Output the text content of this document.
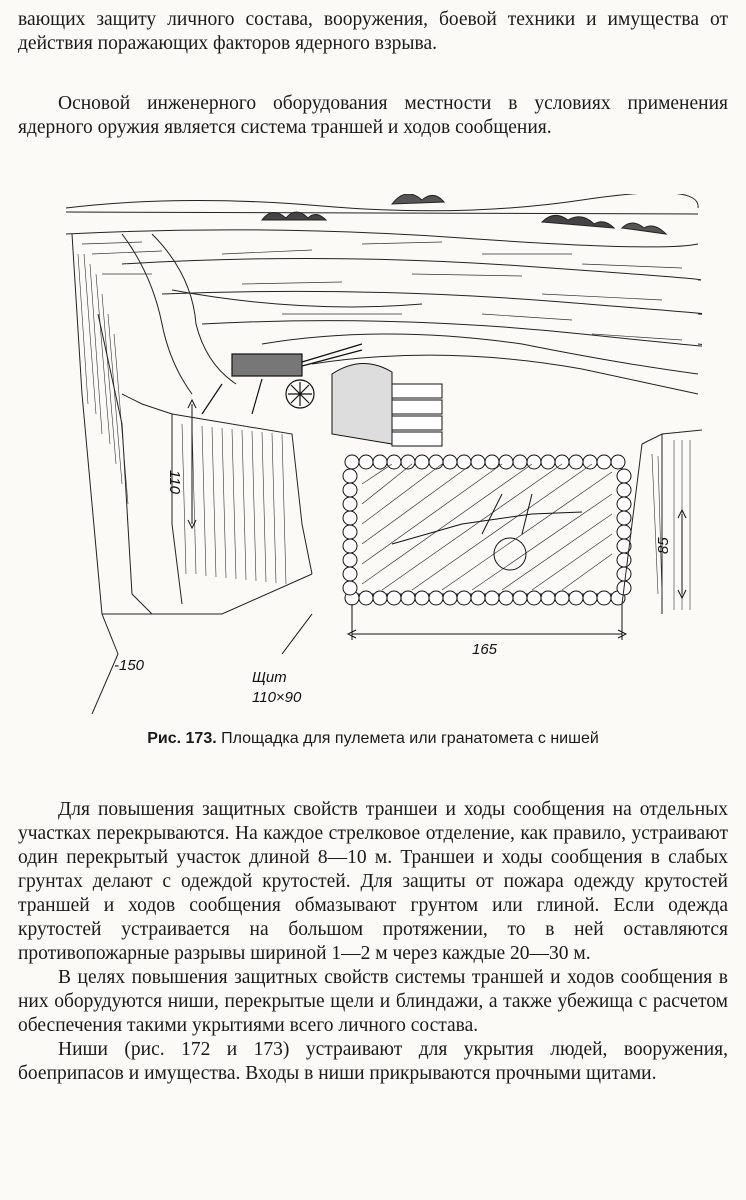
вающих защиту личного состава, вооружения, боевой техники и имущества от действия поражающих факторов ядерного взрыва.

Основой инженерного оборудования местности в условиях применения ядерного оружия является система траншей и ходов сообщения.

110
85
-150
165
Щит
110×90
Рис. 173. Площадка для пулемета или гранатомета с нишей

Для повышения защитных свойств траншеи и ходы сообщения на отдельных участках перекрываются. На каждое стрелковое отделение, как правило, устраивают один перекрытый участок длиной 8—10 м. Траншеи и ходы сообщения в слабых грунтах делают с одеждой крутостей. Для защиты от пожара одежду крутостей траншей и ходов сообщения обмазывают грунтом или глиной. Если одежда крутостей устраивается на большом протяжении, то в ней оставляются противопожарные разрывы шириной 1—2 м через каждые 20—30 м.

В целях повышения защитных свойств системы траншей и ходов сообщения в них оборудуются ниши, перекрытые щели и блиндажи, а также убежища с расчетом обеспечения такими укрытиями всего личного состава.

Ниши (рис. 172 и 173) устраивают для укрытия людей, вооружения, боеприпасов и имущества. Входы в ниши прикрываются прочными щитами.
